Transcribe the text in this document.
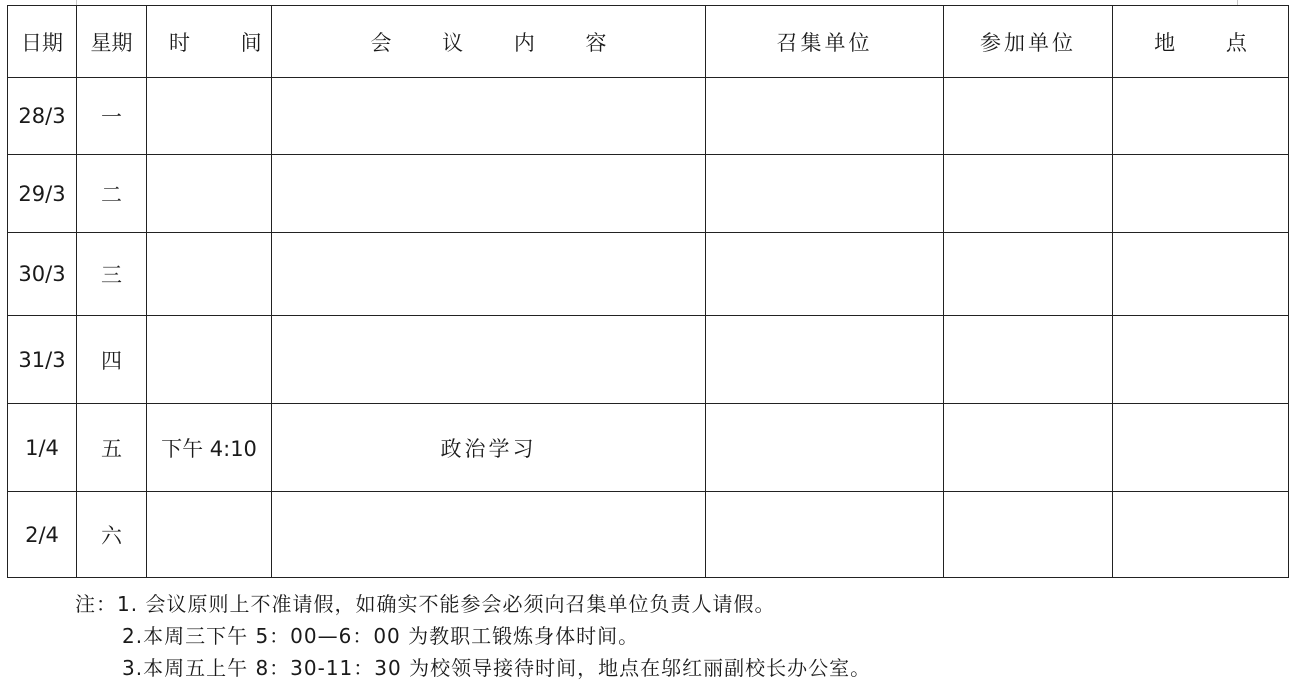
日期	星期	时 间	会 议 内 容	召集单位	参加单位	地 点
28/3	一					
29/3	二					
30/3	三					
31/3	四					
1/4	五	下午 4:10	政治学习			
2/4	六					
注：1. 会议原则上不准请假，如确实不能参会必须向召集单位负责人请假。
2.本周三下午 5：00—6：00 为教职工锻炼身体时间。
3.本周五上午 8：30-11：30 为校领导接待时间，地点在邬红丽副校长办公室。
